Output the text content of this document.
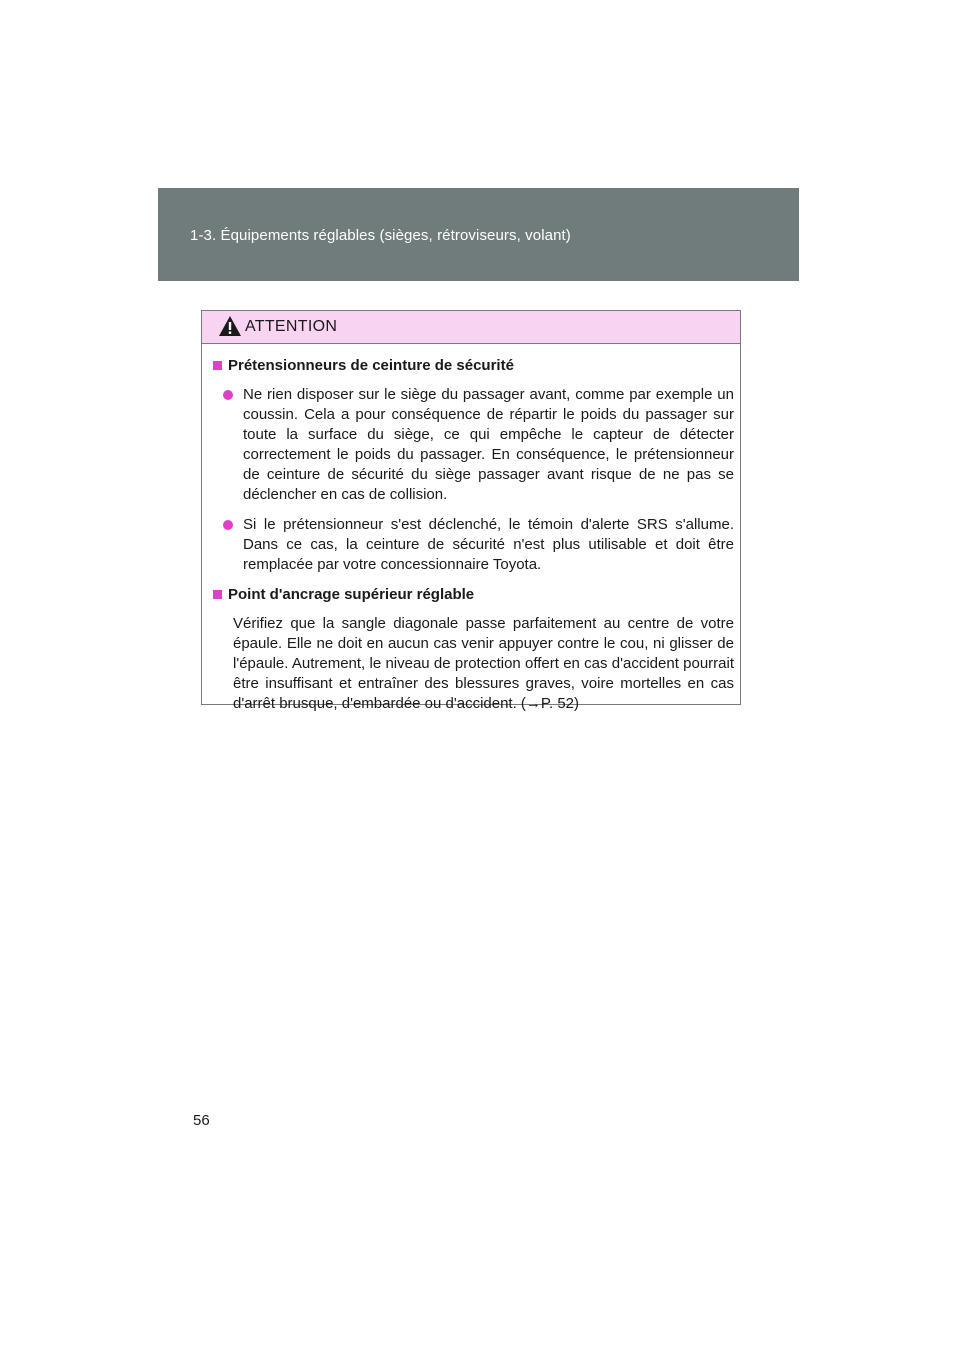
1-3. Équipements réglables (sièges, rétroviseurs, volant)
ATTENTION
Prétensionneurs de ceinture de sécurité
Ne rien disposer sur le siège du passager avant, comme par exemple un coussin. Cela a pour conséquence de répartir le poids du passager sur toute la surface du siège, ce qui empêche le capteur de détecter correctement le poids du passager. En conséquence, le prétensionneur de ceinture de sécurité du siège passager avant risque de ne pas se déclencher en cas de collision.
Si le prétensionneur s'est déclenché, le témoin d'alerte SRS s'allume. Dans ce cas, la ceinture de sécurité n'est plus utilisable et doit être remplacée par votre concessionnaire Toyota.
Point d'ancrage supérieur réglable

Vérifiez que la sangle diagonale passe parfaitement au centre de votre épaule. Elle ne doit en aucun cas venir appuyer contre le cou, ni glisser de l'épaule. Autrement, le niveau de protection offert en cas d'accident pourrait être insuffisant et entraîner des blessures graves, voire mortelles en cas d'arrêt brusque, d'embardée ou d'accident. (→P. 52)

56
